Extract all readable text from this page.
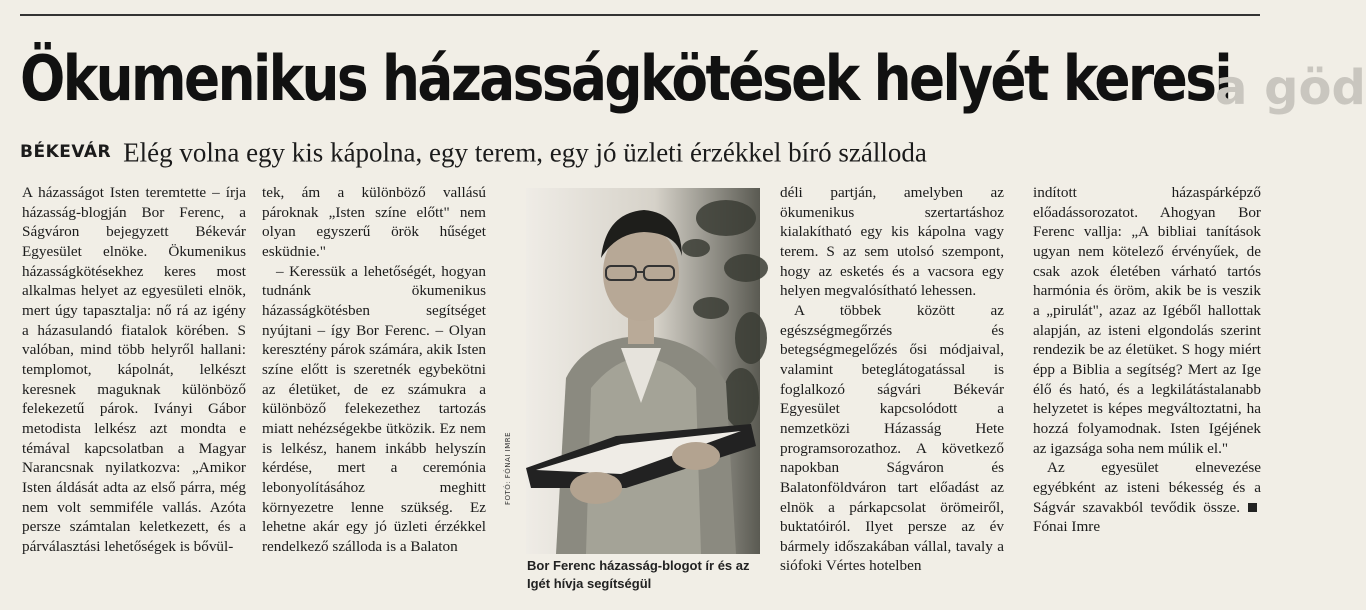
Ökumenikus házasságkötések helyét keresi
a göd
BÉKEVÁR Elég volna egy kis kápolna, egy terem, egy jó üzleti érzékkel bíró szálloda

A házasságot Isten teremtette – írja házasság-blogján Bor Ferenc, a Ságváron bejegyzett Békevár Egyesület elnöke. Ökumenikus házasságkötésekhez keres most alkalmas helyet az egyesületi elnök, mert úgy tapasztalja: nő rá az igény a házasulandó fiatalok körében. S valóban, mind több helyről hallani: templomot, kápolnát, lelkészt keresnek maguknak különböző felekezetű párok. Iványi Gábor metodista lelkész azt mondta e témával kapcsolatban a Magyar Narancsnak nyilatkozva: „Amikor Isten áldását adta az első párra, még nem volt semmiféle vallás. Azóta persze számtalan keletkezett, és a párválasztási lehetőségek is bővül-

tek, ám a különböző vallású pároknak „Isten színe előtt" nem olyan egyszerű örök hűséget esküdnie."

– Keressük a lehetőségét, hogyan tudnánk ökumenikus házasságkötésben segítséget nyújtani – így Bor Ferenc. – Olyan keresztény párok számára, akik Isten színe előtt is szeretnék egybekötni az életüket, de ez számukra a különböző felekezethez tartozás miatt nehézségekbe ütközik. Ez nem is lelkész, hanem inkább helyszín kérdése, mert a ceremónia lebonyolításához meghitt környezetre lenne szükség. Ez lehetne akár egy jó üzleti érzékkel rendelkező szálloda is a Balaton

FOTÓ: FÓNAI IMRE
Bor Ferenc házasság-blogot ír és az Igét hívja segítségül

déli partján, amelyben az ökumenikus szertartáshoz kialakítható egy kis kápolna vagy terem. S az sem utolsó szempont, hogy az esketés és a vacsora egy helyen megvalósítható lehessen.

A többek között az egészségmegőrzés és betegségmegelőzés ősi módjaival, valamint beteglátogatással is foglalkozó ságvári Békevár Egyesület kapcsolódott a nemzetközi Házasság Hete programsorozathoz. A következő napokban Ságváron és Balatonföldváron tart előadást az elnök a párkapcsolat örömeiről, buktatóiról. Ilyet persze az év bármely időszakában vállal, tavaly a siófoki Vértes hotelben

indított házaspárképző előadássorozatot. Ahogyan Bor Ferenc vallja: „A bibliai tanítások ugyan nem kötelező érvényűek, de csak azok életében várható tartós harmónia és öröm, akik be is veszik a „pirulát", azaz az Igéből hallottak alapján, az isteni elgondolás szerint rendezik be az életüket. S hogy miért épp a Biblia a segítség? Mert az Ige élő és ható, és a legkilátástalanabb helyzetet is képes megváltoztatni, ha hozzá folyamodnak. Isten Igéjének az igazsága soha nem múlik el."

Az egyesület elnevezése egyébként az isteni békesség és a Ságvár szavakból tevődik össze.Fónai Imre
